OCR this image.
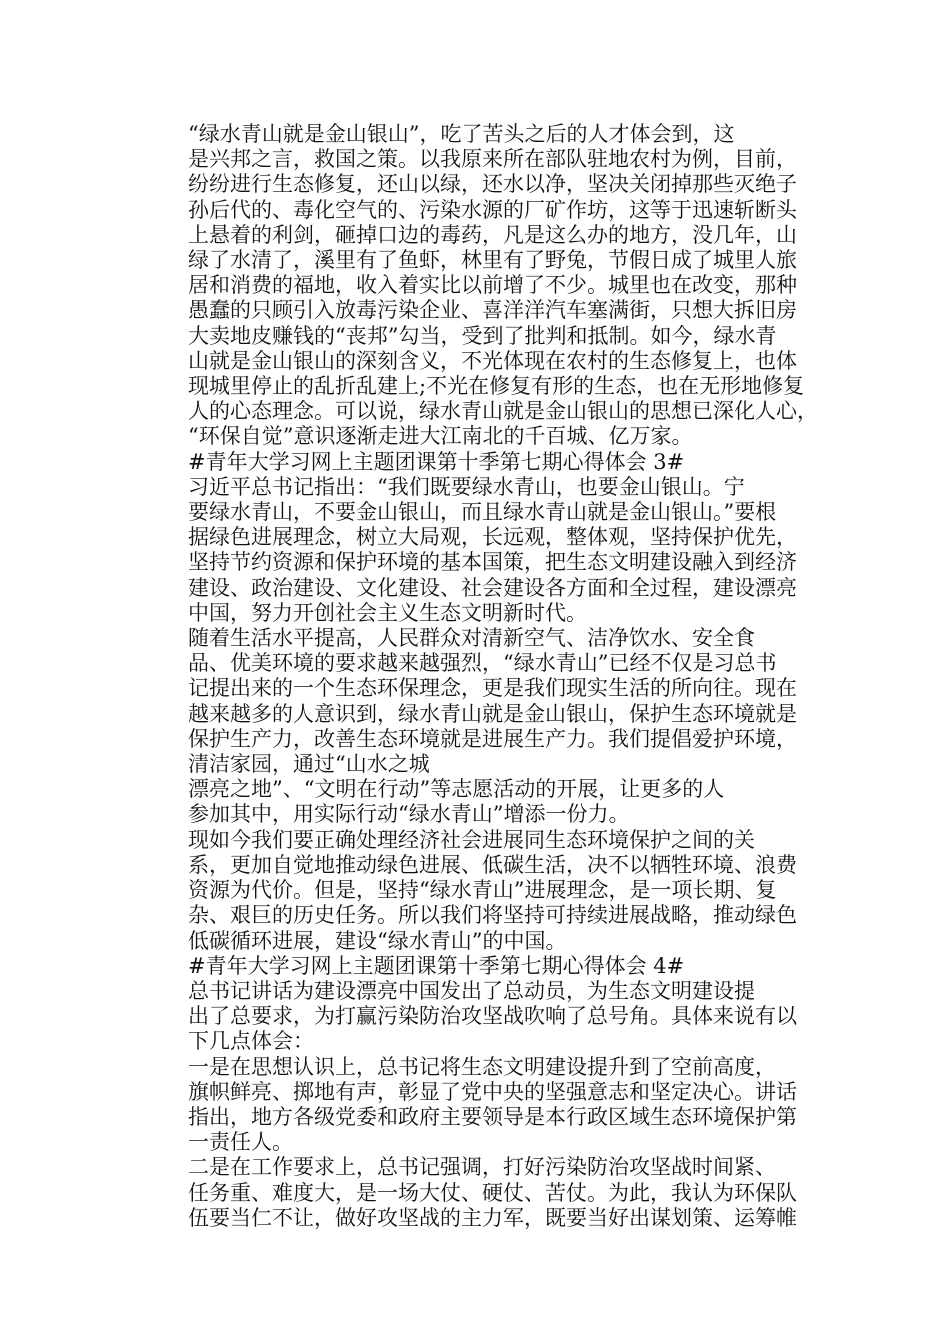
“绿水青山就是金山银山”，吃了苦头之后的人才体会到，这
是兴邦之言，救国之策。以我原来所在部队驻地农村为例，目前，
纷纷进行生态修复，还山以绿，还水以净，坚决关闭掉那些灭绝子
孙后代的、毒化空气的、污染水源的厂矿作坊，这等于迅速斩断头
上悬着的利剑，砸掉口边的毒药，凡是这么办的地方，没几年，山
绿了水清了，溪里有了鱼虾，林里有了野兔，节假日成了城里人旅
居和消费的福地，收入着实比以前增了不少。城里也在改变，那种
愚蠢的只顾引入放毒污染企业、喜洋洋汽车塞满街，只想大拆旧房
大卖地皮赚钱的“丧邦”勾当，受到了批判和抵制。如今，绿水青
山就是金山银山的深刻含义，不光体现在农村的生态修复上，也体
现城里停止的乱折乱建上;不光在修复有形的生态，也在无形地修复
人的心态理念。可以说，绿水青山就是金山银山的思想已深化人心，
“环保自觉”意识逐渐走进大江南北的千百城、亿万家。
#青年大学习网上主题团课第十季第七期心得体会 3#
习近平总书记指出：“我们既要绿水青山，也要金山银山。宁
要绿水青山，不要金山银山，而且绿水青山就是金山银山。”要根
据绿色进展理念，树立大局观，长远观，整体观，坚持保护优先，
坚持节约资源和保护环境的基本国策，把生态文明建设融入到经济
建设、政治建设、文化建设、社会建设各方面和全过程，建设漂亮
中国，努力开创社会主义生态文明新时代。
随着生活水平提高，人民群众对清新空气、洁净饮水、安全食
品、优美环境的要求越来越强烈，“绿水青山”已经不仅是习总书
记提出来的一个生态环保理念，更是我们现实生活的所向往。现在
越来越多的人意识到，绿水青山就是金山银山，保护生态环境就是
保护生产力，改善生态环境就是进展生产力。我们提倡爱护环境，
清洁家园，通过“山水之城
漂亮之地”、“文明在行动”等志愿活动的开展，让更多的人
参加其中，用实际行动“绿水青山”增添一份力。
现如今我们要正确处理经济社会进展同生态环境保护之间的关
系，更加自觉地推动绿色进展、低碳生活，决不以牺牲环境、浪费
资源为代价。但是，坚持“绿水青山”进展理念，是一项长期、复
杂、艰巨的历史任务。所以我们将坚持可持续进展战略，推动绿色
低碳循环进展，建设“绿水青山”的中国。
#青年大学习网上主题团课第十季第七期心得体会 4#
总书记讲话为建设漂亮中国发出了总动员，为生态文明建设提
出了总要求，为打赢污染防治攻坚战吹响了总号角。具体来说有以
下几点体会：
一是在思想认识上，总书记将生态文明建设提升到了空前高度，
旗帜鲜亮、掷地有声，彰显了党中央的坚强意志和坚定决心。讲话
指出，地方各级党委和政府主要领导是本行政区域生态环境保护第
一责任人。
二是在工作要求上，总书记强调，打好污染防治攻坚战时间紧、
任务重、难度大，是一场大仗、硬仗、苦仗。为此，我认为环保队
伍要当仁不让，做好攻坚战的主力军，既要当好出谋划策、运筹帷
